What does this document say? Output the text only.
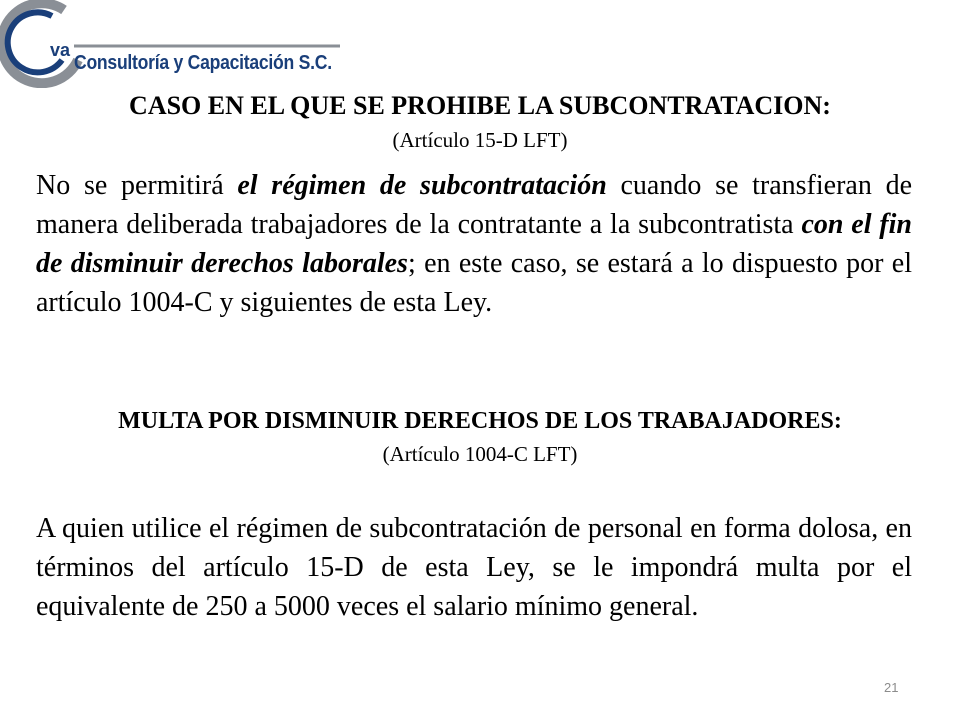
va
Consultoría y Capacitación S.C.
CASO EN EL QUE SE PROHIBE LA SUBCONTRATACION:
(Artículo 15-D LFT)
No se permitirá el régimen de subcontratación cuando se transfieran de manera deliberada trabajadores de la contratante a la subcontratista con el fin de disminuir derechos laborales; en este caso, se estará a lo dispuesto por el artículo 1004-C y siguientes de esta Ley.
MULTA POR DISMINUIR DERECHOS DE LOS TRABAJADORES:
(Artículo 1004-C LFT)
A quien utilice el régimen de subcontratación de personal en forma dolosa, en términos del artículo 15-D de esta Ley, se le impondrá multa por el equivalente de 250 a 5000 veces el salario mínimo general.
21
